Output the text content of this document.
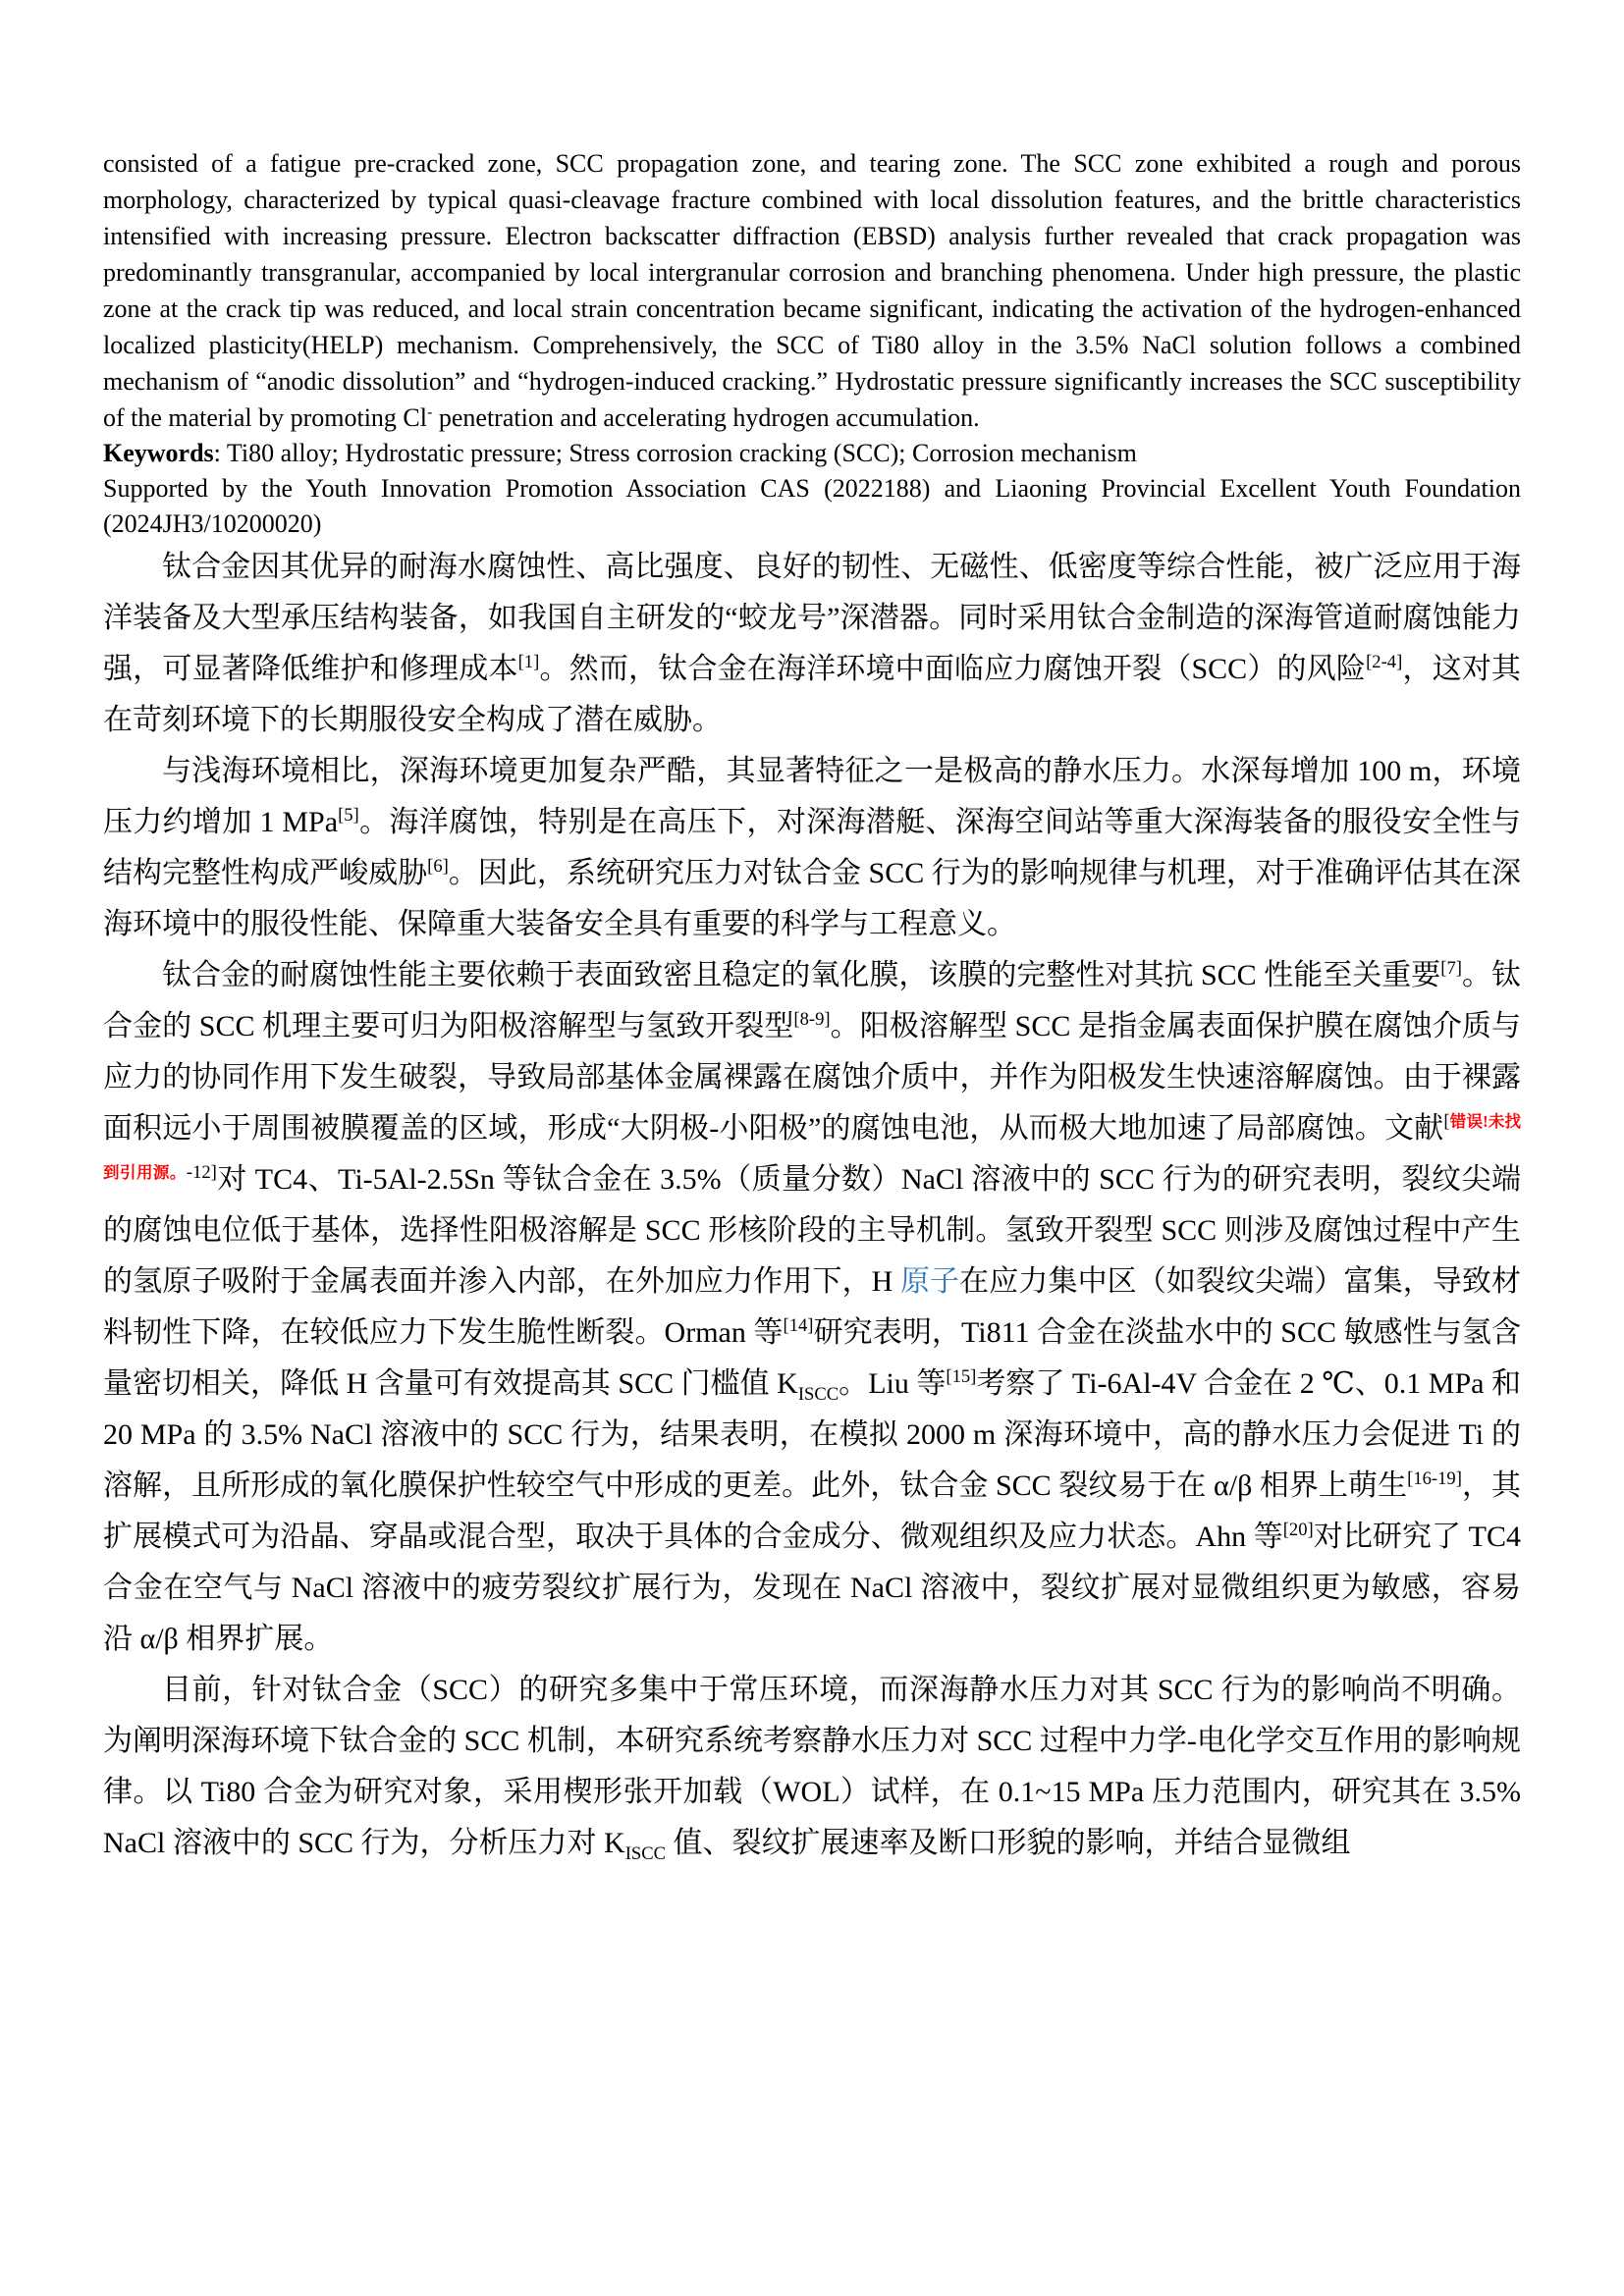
consisted of a fatigue pre-cracked zone, SCC propagation zone, and tearing zone. The SCC zone exhibited a rough and porous morphology, characterized by typical quasi-cleavage fracture combined with local dissolution features, and the brittle characteristics intensified with increasing pressure. Electron backscatter diffraction (EBSD) analysis further revealed that crack propagation was predominantly transgranular, accompanied by local intergranular corrosion and branching phenomena. Under high pressure, the plastic zone at the crack tip was reduced, and local strain concentration became significant, indicating the activation of the hydrogen-enhanced localized plasticity(HELP) mechanism. Comprehensively, the SCC of Ti80 alloy in the 3.5% NaCl solution follows a combined mechanism of “anodic dissolution” and “hydrogen-induced cracking.” Hydrostatic pressure significantly increases the SCC susceptibility of the material by promoting Cl- penetration and accelerating hydrogen accumulation.

Keywords: Ti80 alloy; Hydrostatic pressure; Stress corrosion cracking (SCC); Corrosion mechanism

Supported by the Youth Innovation Promotion Association CAS (2022188) and Liaoning Provincial Excellent Youth Foundation (2024JH3/10200020)

钛合金因其优异的耐海水腐蚀性、高比强度、良好的韧性、无磁性、低密度等综合性能，被广泛应用于海洋装备及大型承压结构装备，如我国自主研发的“蛟龙号”深潜器。同时采用钛合金制造的深海管道耐腐蚀能力强，可显著降低维护和修理成本[1]。然而，钛合金在海洋环境中面临应力腐蚀开裂（SCC）的风险[2-4]，这对其在苛刻环境下的长期服役安全构成了潜在威胁。

与浅海环境相比，深海环境更加复杂严酷，其显著特征之一是极高的静水压力。水深每增加 100 m，环境压力约增加 1 MPa[5]。海洋腐蚀，特别是在高压下，对深海潜艇、深海空间站等重大深海装备的服役安全性与结构完整性构成严峻威胁[6]。因此，系统研究压力对钛合金 SCC 行为的影响规律与机理，对于准确评估其在深海环境中的服役性能、保障重大装备安全具有重要的科学与工程意义。

钛合金的耐腐蚀性能主要依赖于表面致密且稳定的氧化膜，该膜的完整性对其抗 SCC 性能至关重要[7]。钛合金的 SCC 机理主要可归为阳极溶解型与氢致开裂型[8-9]。阳极溶解型 SCC 是指金属表面保护膜在腐蚀介质与应力的协同作用下发生破裂，导致局部基体金属裸露在腐蚀介质中，并作为阳极发生快速溶解腐蚀。由于裸露面积远小于周围被膜覆盖的区域，形成“大阴极-小阳极”的腐蚀电池，从而极大地加速了局部腐蚀。文献[错误!未找到引用源。-12]对 TC4、Ti-5Al-2.5Sn 等钛合金在 3.5%（质量分数）NaCl 溶液中的 SCC 行为的研究表明，裂纹尖端的腐蚀电位低于基体，选择性阳极溶解是 SCC 形核阶段的主导机制。氢致开裂型 SCC 则涉及腐蚀过程中产生的氢原子吸附于金属表面并渗入内部，在外加应力作用下，H 原子在应力集中区（如裂纹尖端）富集，导致材料韧性下降，在较低应力下发生脆性断裂。Orman 等[14]研究表明，Ti811 合金在淡盐水中的 SCC 敏感性与氢含量密切相关，降低 H 含量可有效提高其 SCC 门槛值 $K_{ISCC}$。Liu 等[15]考察了 Ti-6Al-4V 合金在 2 ℃、0.1 MPa 和 20 MPa 的 3.5% NaCl 溶液中的 SCC 行为，结果表明，在模拟 2000 m 深海环境中，高的静水压力会促进 Ti 的溶解，且所形成的氧化膜保护性较空气中形成的更差。此外，钛合金 SCC 裂纹易于在 α/β 相界上萌生[16-19]，其扩展模式可为沿晶、穿晶或混合型，取决于具体的合金成分、微观组织及应力状态。Ahn 等[20]对比研究了 TC4 合金在空气与 NaCl 溶液中的疲劳裂纹扩展行为，发现在 NaCl 溶液中，裂纹扩展对显微组织更为敏感，容易沿 α/β 相界扩展。

目前，针对钛合金（SCC）的研究多集中于常压环境，而深海静水压力对其 SCC 行为的影响尚不明确。为阐明深海环境下钛合金的 SCC 机制，本研究系统考察静水压力对 SCC 过程中力学-电化学交互作用的影响规律。以 Ti80 合金为研究对象，采用楔形张开加载（WOL）试样，在 0.1~15 MPa 压力范围内，研究其在 3.5% NaCl 溶液中的 SCC 行为，分析压力对 $K_{ISCC}$ 值、裂纹扩展速率及断口形貌的影响，并结合显微组
